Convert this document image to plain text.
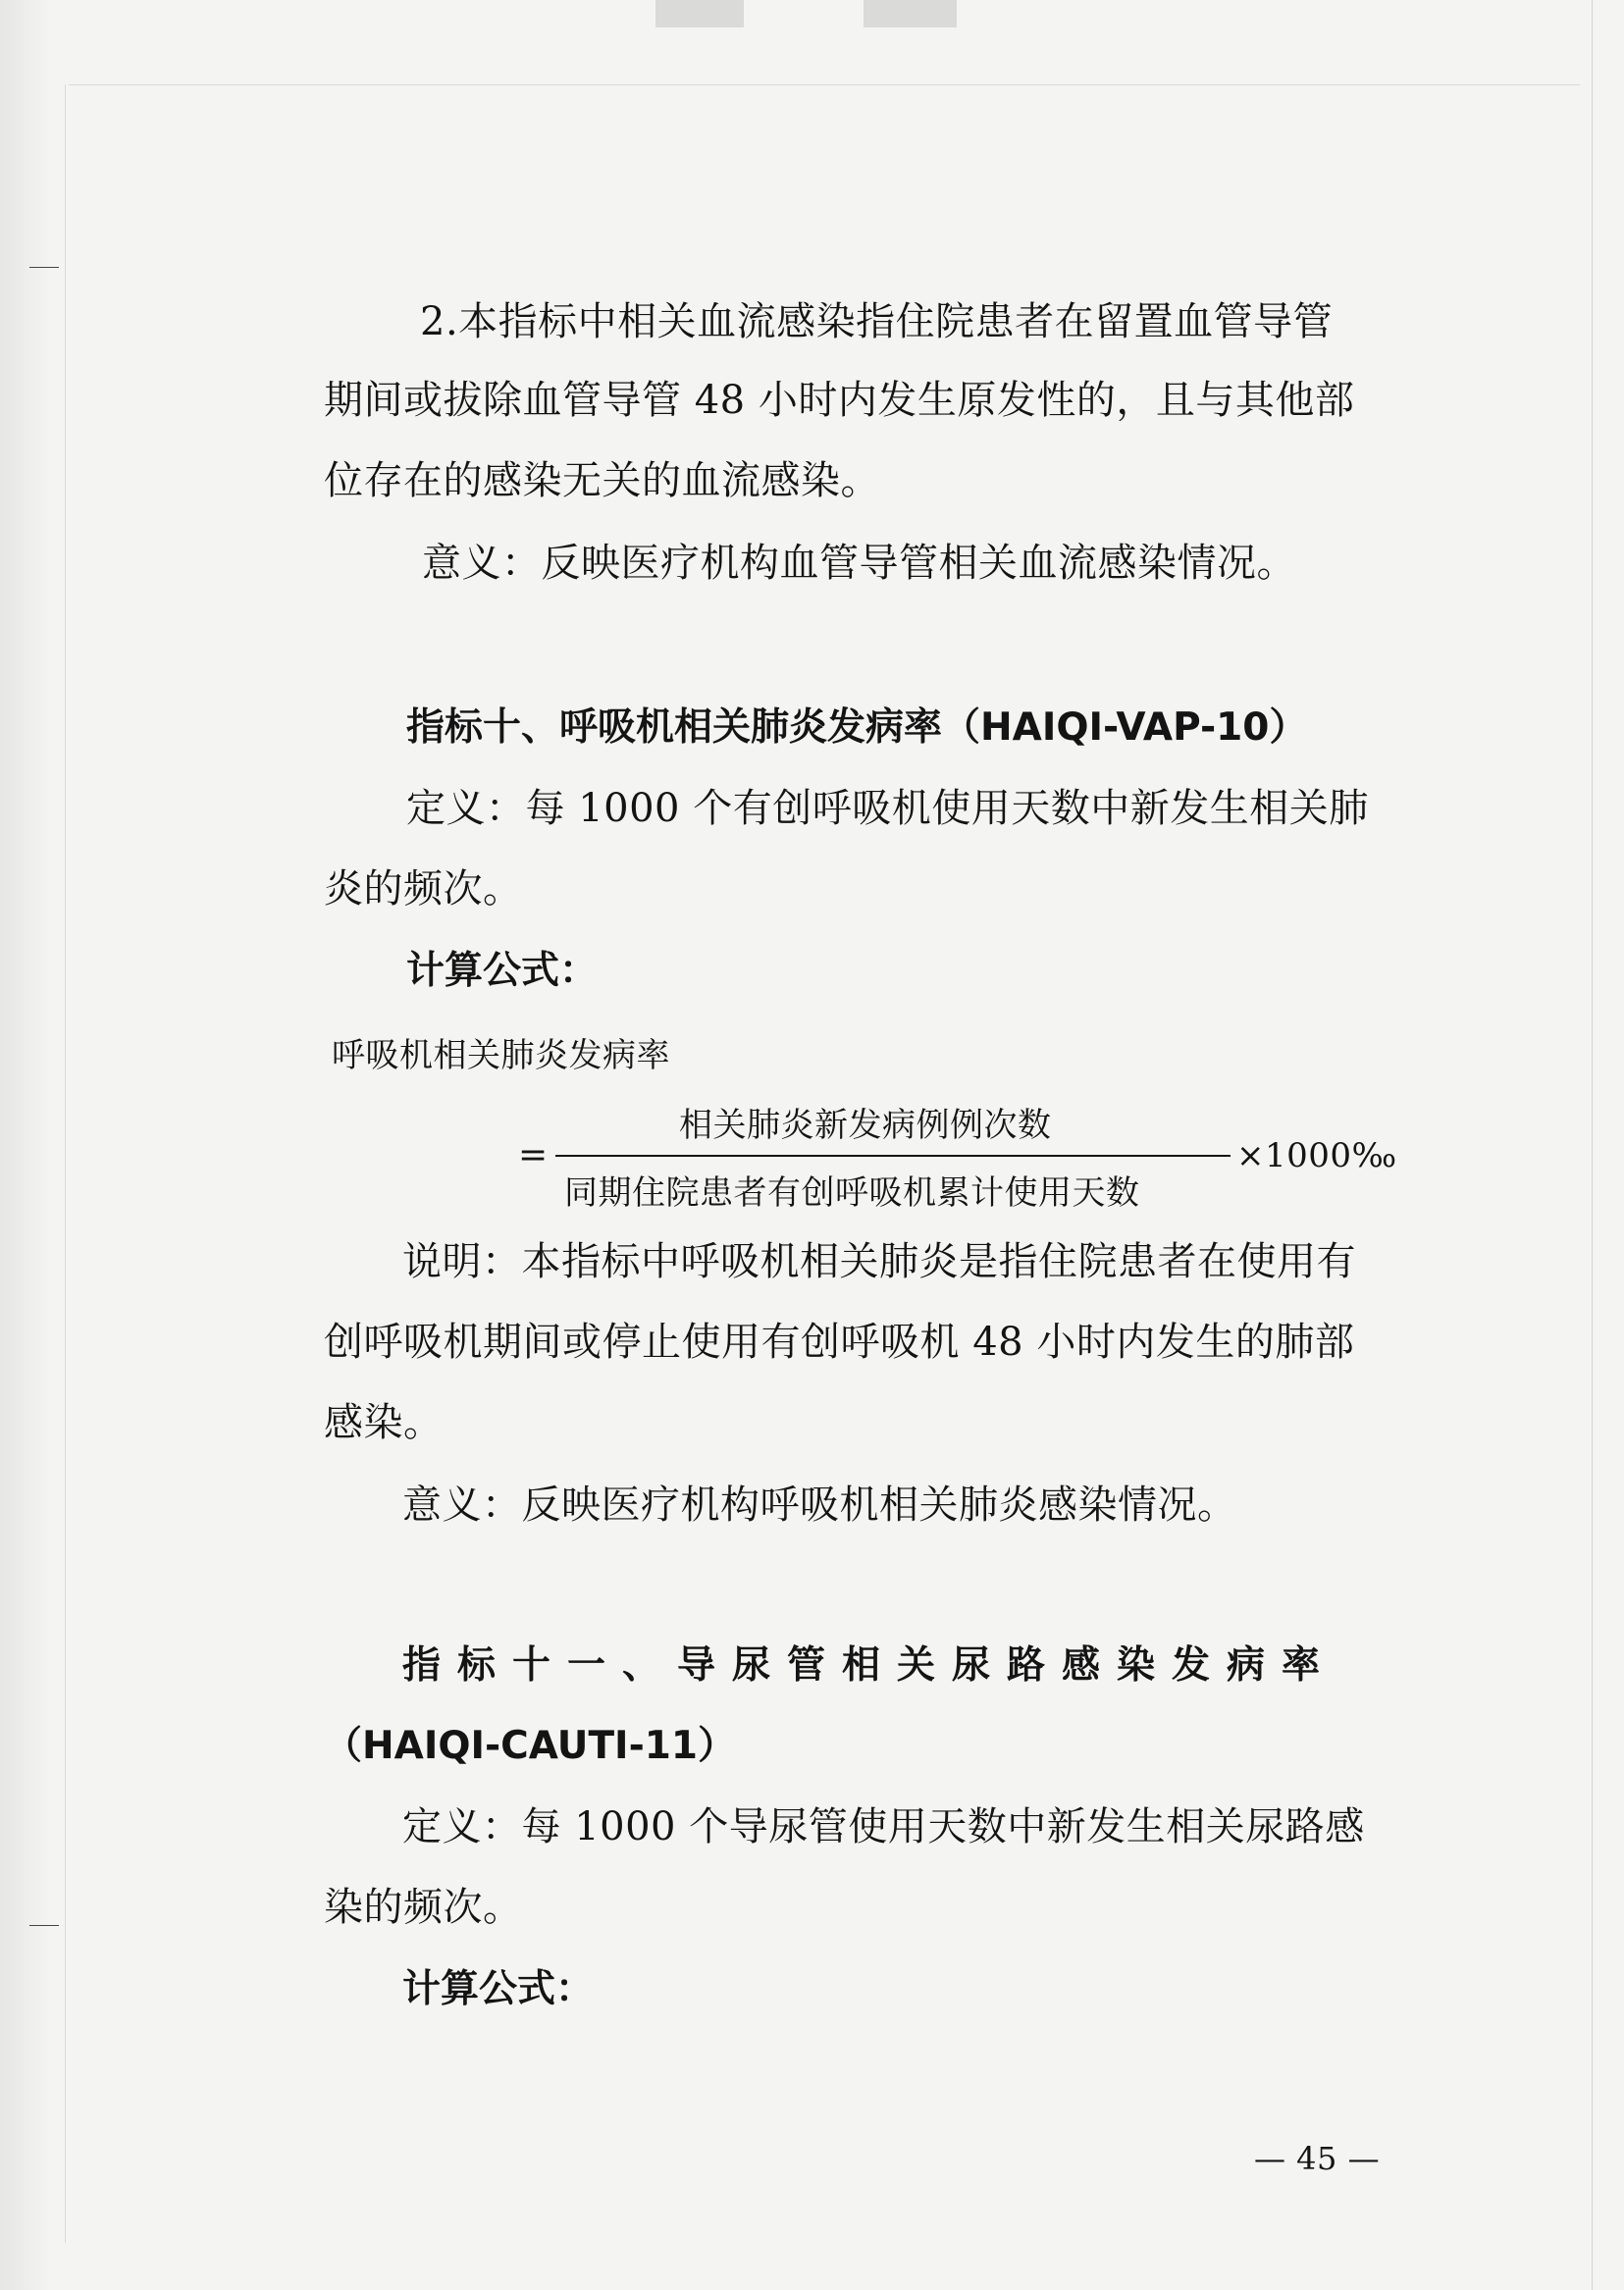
2.本指标中相关血流感染指住院患者在留置血管导管
期间或拔除血管导管 48 小时内发生原发性的，且与其他部
位存在的感染无关的血流感染。
意义：反映医疗机构血管导管相关血流感染情况。
指标十、呼吸机相关肺炎发病率（HAIQI-VAP-10）
定义：每 1000 个有创呼吸机使用天数中新发生相关肺
炎的频次。
计算公式：
呼吸机相关肺炎发病率
相关肺炎新发病例例次数
=
同期住院患者有创呼吸机累计使用天数
×1000‰
说明：本指标中呼吸机相关肺炎是指住院患者在使用有
创呼吸机期间或停止使用有创呼吸机 48 小时内发生的肺部
感染。
意义：反映医疗机构呼吸机相关肺炎感染情况。
指标十一、导尿管相关尿路感染发病率
（HAIQI-CAUTI-11）
定义：每 1000 个导尿管使用天数中新发生相关尿路感
染的频次。
计算公式：
— 45 —
